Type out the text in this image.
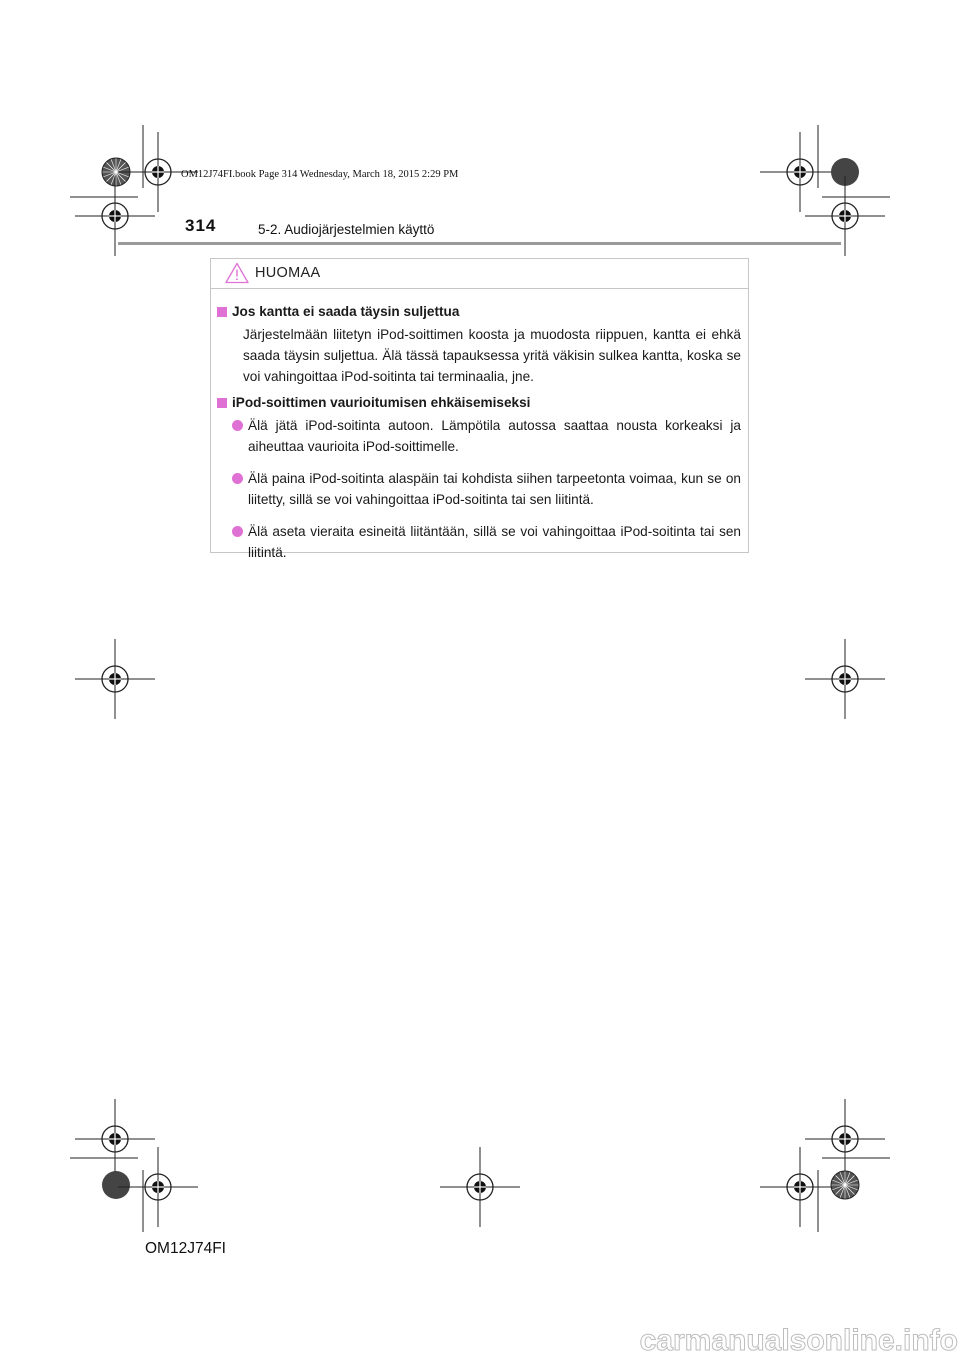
OM12J74FI.book Page 314 Wednesday, March 18, 2015 2:29 PM
314	5-2. Audiojärjestelmien käyttö
HUOMAA
Jos kantta ei saada täysin suljettua

Järjestelmään liitetyn iPod-soittimen koosta ja muodosta riippuen, kantta ei ehkä saada täysin suljettua. Älä tässä tapauksessa yritä väkisin sulkea kantta, koska se voi vahingoittaa iPod-soitinta tai terminaalia, jne.

iPod-soittimen vaurioitumisen ehkäisemiseksi
Älä jätä iPod-soitinta autoon. Lämpötila autossa saattaa nousta korkeaksi ja aiheuttaa vaurioita iPod-soittimelle.
Älä paina iPod-soitinta alaspäin tai kohdista siihen tarpeetonta voimaa, kun se on liitetty, sillä se voi vahingoittaa iPod-soitinta tai sen liitintä.
Älä aseta vieraita esineitä liitäntään, sillä se voi vahingoittaa iPod-soitinta tai sen liitintä.
OM12J74FI
carmanualsonline.info
